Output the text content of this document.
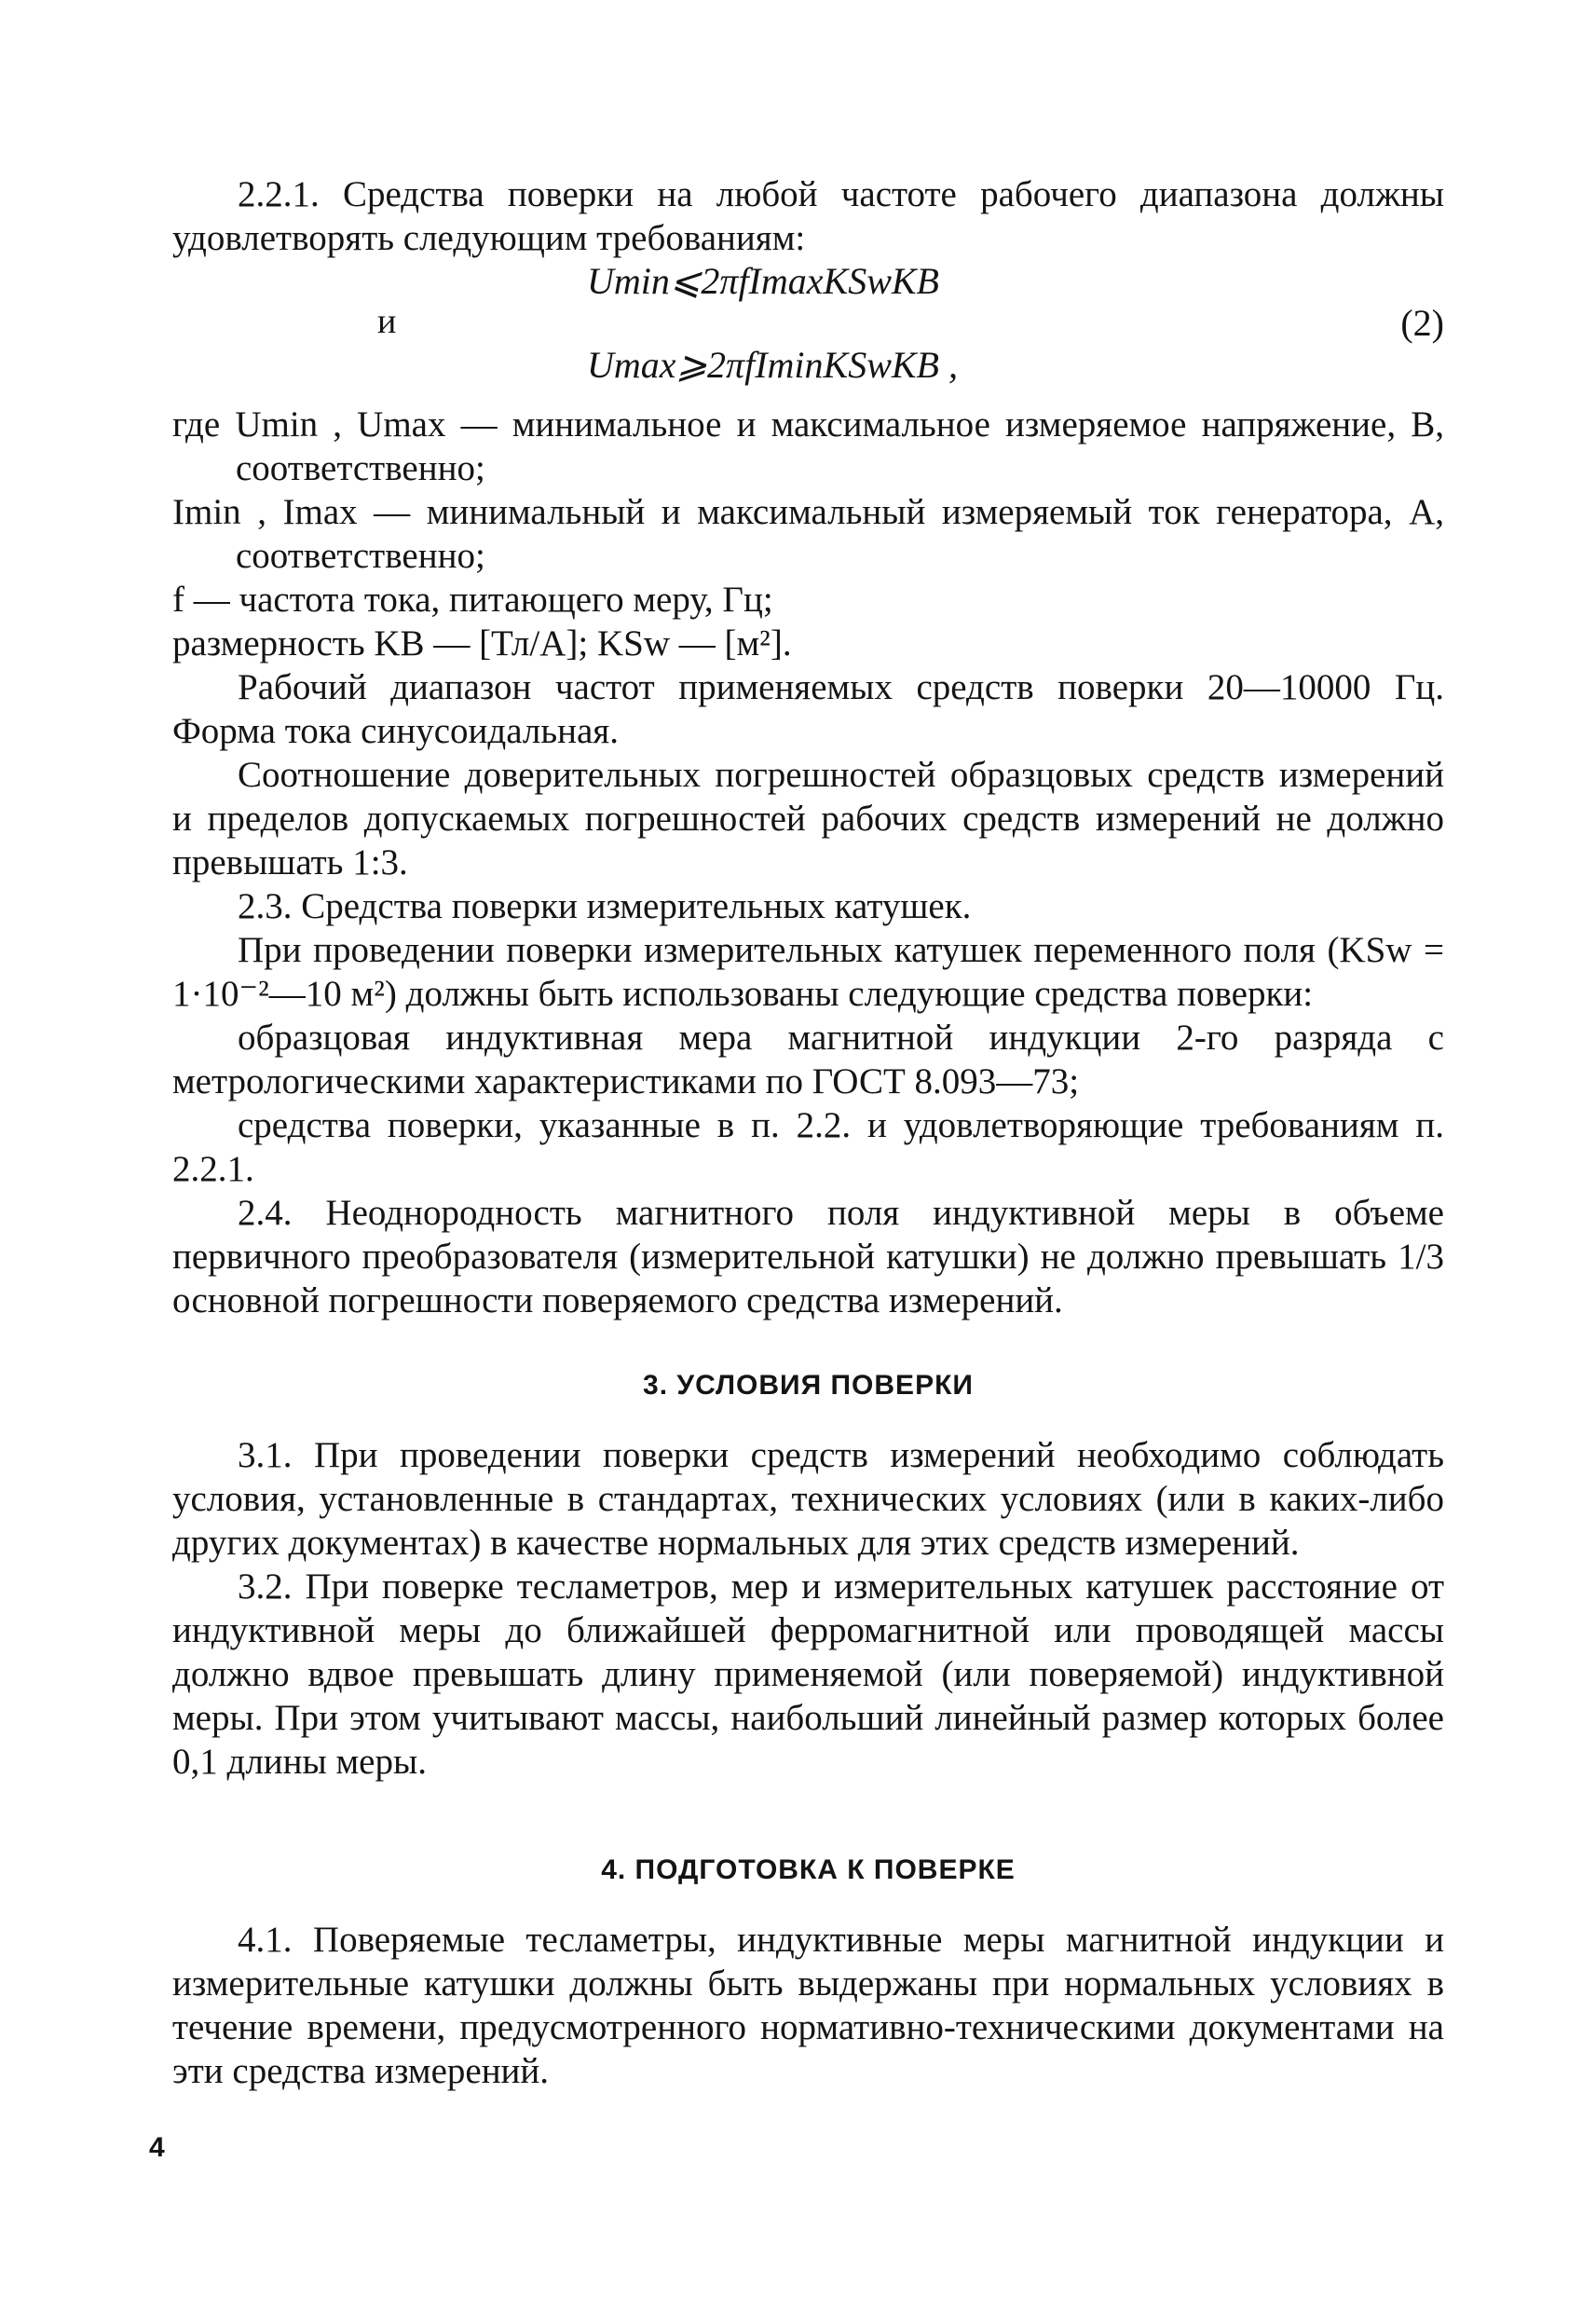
2.2.1. Средства поверки на любой частоте рабочего диапазона должны удовлетворять следующим требованиям:

Umin⩽2πfImaxKSwKB
и	(2)
Umax⩾2πfIminKSwKB ,

где Umin , Umax — минимальное и максимальное измеряемое напряжение, В, соответственно;

Imin , Imax — минимальный и максимальный измеряемый ток генератора, А, соответственно;

f — частота тока, питающего меру, Гц;

размерность KB — [Тл/А]; KSw — [м²].

Рабочий диапазон частот применяемых средств поверки 20—10000 Гц. Форма тока синусоидальная.

Соотношение доверительных погрешностей образцовых средств измерений и пределов допускаемых погрешностей рабочих средств измерений не должно превышать 1:3.

2.3. Средства поверки измерительных катушек.

При проведении поверки измерительных катушек переменного поля (KSw = 1·10⁻²—10 м²) должны быть использованы следующие средства поверки:

образцовая индуктивная мера магнитной индукции 2-го разряда с метрологическими характеристиками по ГОСТ 8.093—73;

средства поверки, указанные в п. 2.2. и удовлетворяющие требованиям п. 2.2.1.

2.4. Неоднородность магнитного поля индуктивной меры в объеме первичного преобразователя (измерительной катушки) не должно превышать 1/3 основной погрешности поверяемого средства измерений.

3. УСЛОВИЯ ПОВЕРКИ

3.1. При проведении поверки средств измерений необходимо соблюдать условия, установленные в стандартах, технических условиях (или в каких-либо других документах) в качестве нормальных для этих средств измерений.

3.2. При поверке тесламетров, мер и измерительных катушек расстояние от индуктивной меры до ближайшей ферромагнитной или проводящей массы должно вдвое превышать длину применяемой (или поверяемой) индуктивной меры. При этом учитывают массы, наибольший линейный размер которых более 0,1 длины меры.

4. ПОДГОТОВКА К ПОВЕРКЕ

4.1. Поверяемые тесламетры, индуктивные меры магнитной индукции и измерительные катушки должны быть выдержаны при нормальных условиях в течение времени, предусмотренного нормативно-техническими документами на эти средства измерений.

4
